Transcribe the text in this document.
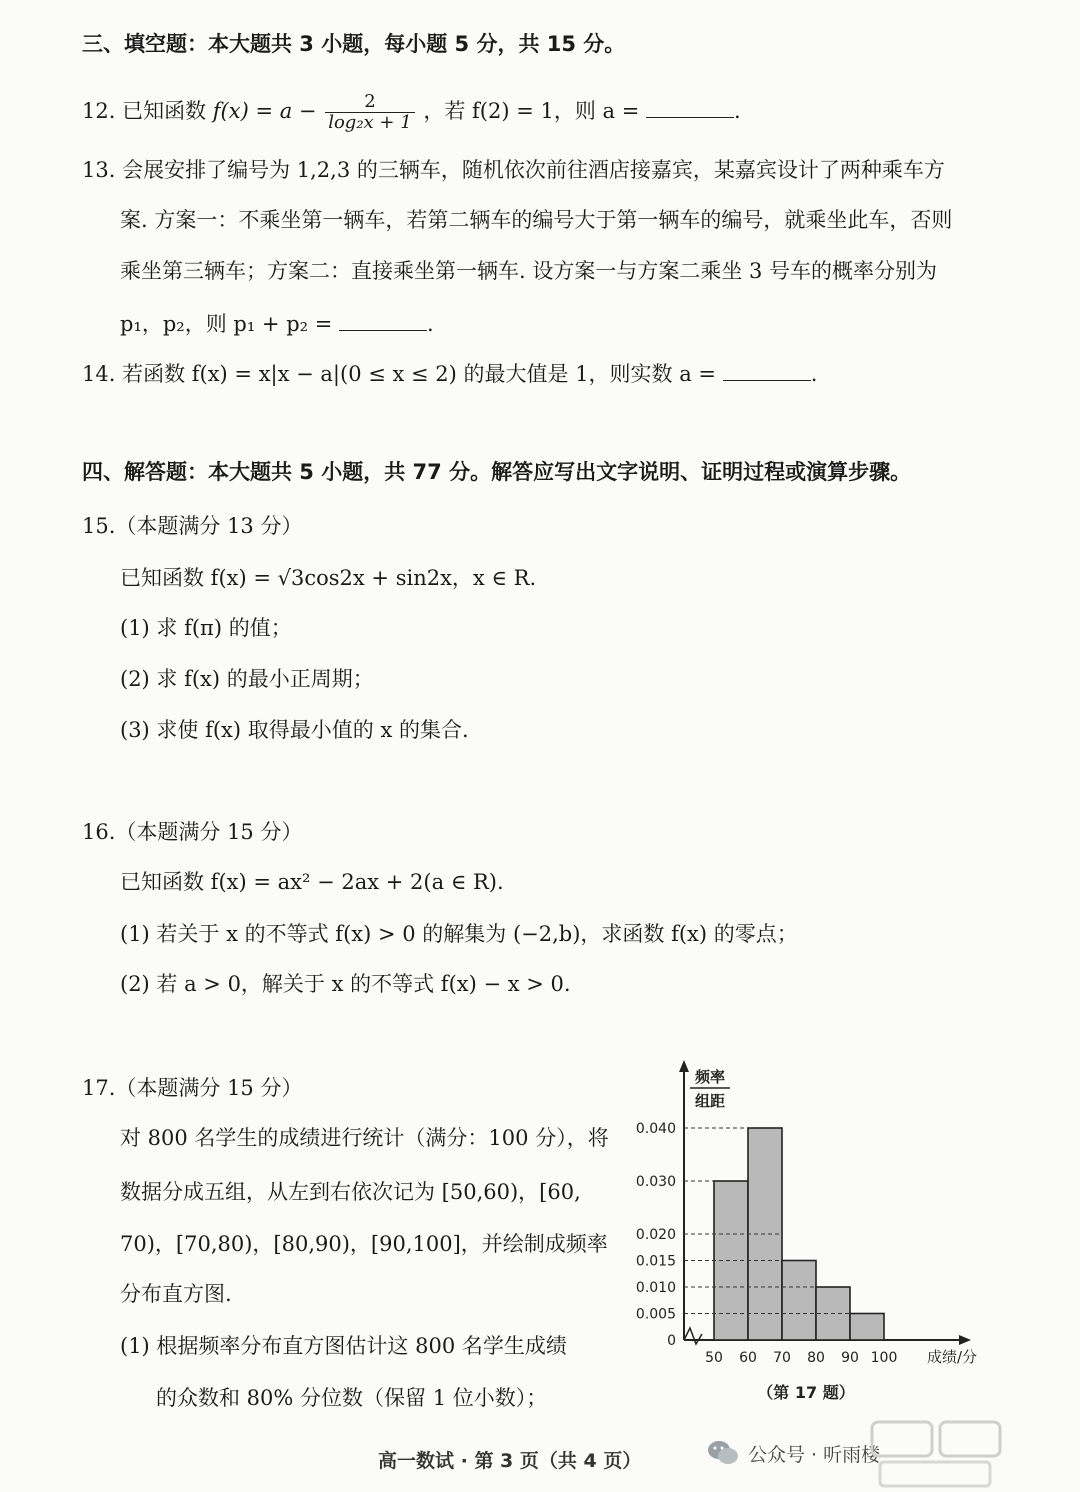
三、填空题：本大题共 3 小题，每小题 5 分，共 15 分。
12. 已知函数 $f(x) = a - \frac{2}{\text{log₂x + 1}}$ ，若 f(2) = 1，则 a =	.
13. 会展安排了编号为 1,2,3 的三辆车，随机依次前往酒店接嘉宾，某嘉宾设计了两种乘车方
案. 方案一：不乘坐第一辆车，若第二辆车的编号大于第一辆车的编号，就乘坐此车，否则
乘坐第三辆车；方案二：直接乘坐第一辆车. 设方案一与方案二乘坐 3 号车的概率分别为
p₁，p₂，则 p₁ + p₂ =	.
14. 若函数 f(x) = x|x − a|(0 ≤ x ≤ 2) 的最大值是 1，则实数 a =	.
四、解答题：本大题共 5 小题，共 77 分。解答应写出文字说明、证明过程或演算步骤。
15.（本题满分 13 分）
已知函数 f(x) = √3cos2x + sin2x，x ∈ R.
(1) 求 f(π) 的值；
(2) 求 f(x) 的最小正周期；
(3) 求使 f(x) 取得最小值的 x 的集合.
16.（本题满分 15 分）
已知函数 f(x) = ax² − 2ax + 2(a ∈ R).
(1) 若关于 x 的不等式 f(x) > 0 的解集为 (−2,b)，求函数 f(x) 的零点；
(2) 若 a > 0，解关于 x 的不等式 f(x) − x > 0.
17.（本题满分 15 分）
对 800 名学生的成绩进行统计（满分：100 分），将
数据分成五组，从左到右依次记为 [50,60)，[60,
70)，[70,80)，[80,90)，[90,100]，并绘制成频率
分布直方图.
(1) 根据频率分布直方图估计这 800 名学生成绩
的众数和 80% 分位数（保留 1 位小数）；
频率
组距
0
0.005
0.010
0.015
0.020
0.030
0.040
50 60 70 80 90 100 成绩/分
（第 17 题）
高一数试 · 第 3 页（共 4 页）	公众号 · 听雨楼
